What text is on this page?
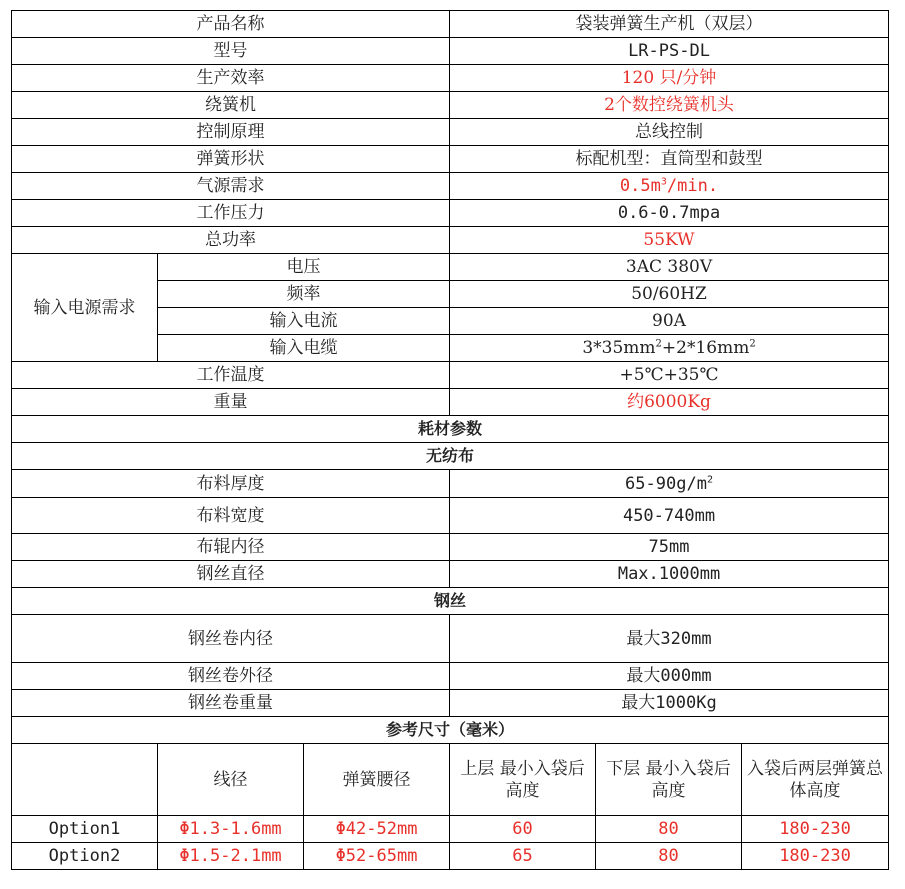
产品名称			袋装弹簧生产机（双层）		
型号			LR-PS-DL		
生产效率			120 只/分钟		
绕簧机			2个数控绕簧机头		
控制原理			总线控制		
弹簧形状			标配机型：直筒型和鼓型		
气源需求			$0.5m^3/\min$.		
工作压力			0.6-0.7mpa		
总功率			55KW		
输入电源需求	电压		3AC 380V		
	频率		50/60HZ		
	输入电流		90A		
	输入电缆		$3*35mm^2+2*16mm^2$
工作温度			+5℃+35℃		
重量			约6000Kg		
耗材参数					
无纺布					
布料厚度			$65-90g/m^2$
布料宽度			450-740mm		
布辊内径			75mm		
钢丝直径			Max.1000mm		
钢丝					
钢丝卷内径			最大320mm		
钢丝卷外径			最大000mm		
钢丝卷重量			最大1000Kg		
参考尺寸（毫米）					
	线径	弹簧腰径	上层 最小入袋后高度	下层 最小入袋后高度	入袋后两层弹簧总体高度
Option1	Φ1.3-1.6mm	Φ42-52mm	60	80	180-230
Option2	Φ1.5-2.1mm	Φ52-65mm	65	80	180-230
